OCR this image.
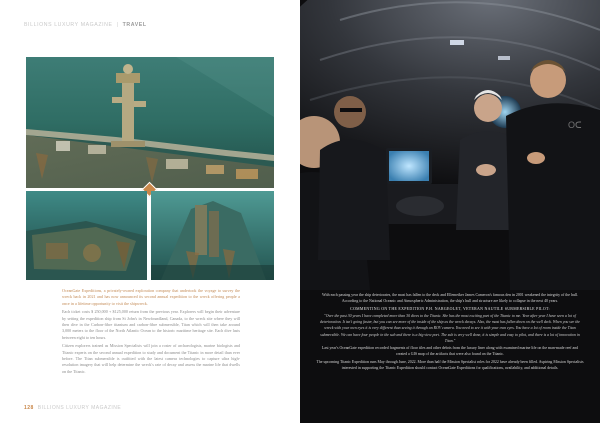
BILLIONS LUXURY MAGAZINE | TRAVEL

OceanGate Expeditions, a privately-owned exploration company that undertook the voyage to survey the wreck back in 2021 and has now announced its second annual expedition to the wreck offering people a once in a lifetime opportunity to visit the shipwreck.

Each ticket costs $ 250,000 + $125,000 return from the previous year. Explorers will begin their adventure by setting the expedition ship from St John's in Newfoundland, Canada, to the wreck site where they will then dive in the Carbon-fibre titanium and carbon-fibre submersible, Titan which will then take around 3,000 meters to the floor of the North Atlantic Ocean to the historic maritime heritage site. Each dive lasts between eight to ten hours.

Citizen explorers trained as Mission Specialists will join a roster of archaeologists, marine biologists and Titanic experts on the second annual expedition to study and document the Titanic in more detail than ever before. The Titan submersible is outfitted with the latest camera technologies to capture ultra high-resolution imagery that will help determine the wreck's rate of decay and assess the marine life that dwells on the Titanic.

128 BILLIONS LUXURY MAGAZINE
Oᑕ

With each passing year the ship deteriorates, the mast has fallen to the deck and Ellemeiker James Cameron's famous den in 2001 weakened the integrity of the hull. According to the National Oceanic and Atmospheric Administration, the ship's hull and structure are likely to collapse in the next 40 years.

COMMENTING ON THE EXPEDITION P.H. NARGEOLET, VETERAN NAUTILE SUBMERSIBLE PILOT:

"Over the past 30 years I have completed more than 30 dives to the Titanic. She has the most exciting part of the Titanic to me. Year after year I have seen a lot of deterioration. It isn't going faster, but you can see more of the inside of the ship as the wreck decays. Also, the mast has fallen down on the well deck. When you see the wreck with your own eyes it is very different than seeing it through an ROV camera. You need to see it with your own eyes. You have a lot of room inside the Titan submersible. We can have four people in the sub and there is a big view port. The sub is very well done, it is simple and easy to pilot, and there is a lot of innovation in Titan."

Last year's OceanGate expedition recorded fragments of floor tiles and other debris from the luxury liner along with examined marine life on the man-made reef and created a GIS map of the artifacts that were also found on the Titanic.

The upcoming Titanic Expedition runs May through June, 2022. More than half the Mission Specialist roles for 2022 have already been filled. Aspiring Mission Specialists interested in supporting the Titanic Expedition should contact OceanGate Expeditions for qualifications, availability, and additional details.
